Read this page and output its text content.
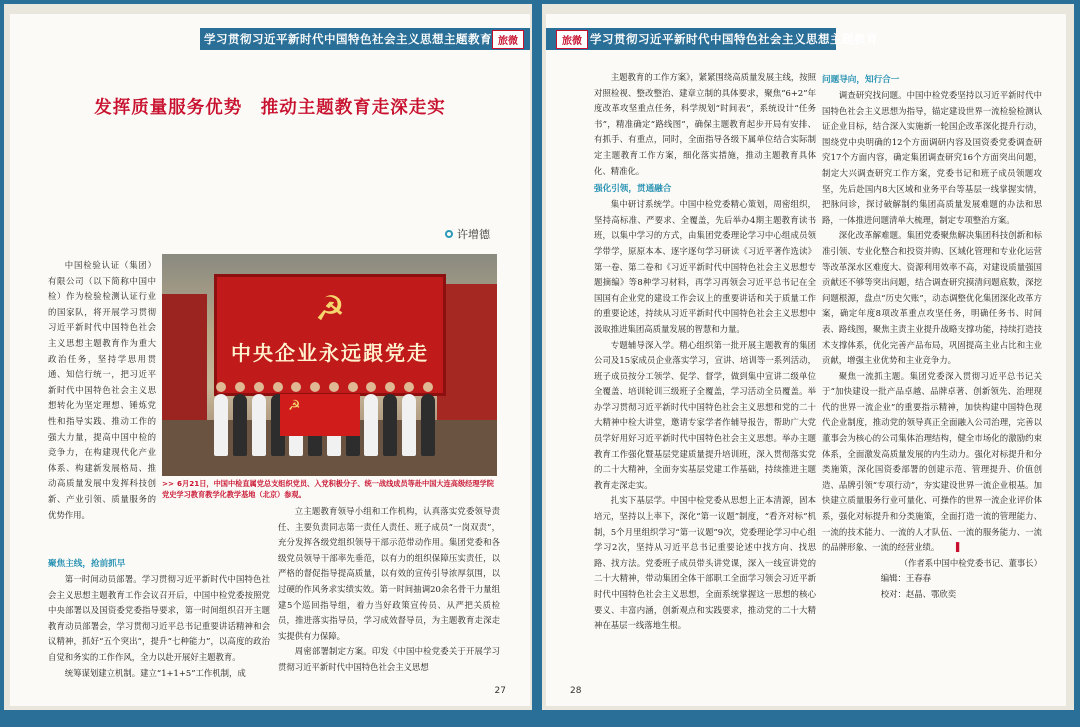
学习贯彻习近平新时代中国特色社会主义思想主题教育 旅微
发挥质量服务优势　推动主题教育走深走实
许增德

中国检验认证（集团）有限公司（以下简称中国中检）作为检验检测认证行业的国家队，将开展学习贯彻习近平新时代中国特色社会主义思想主题教育作为重大政治任务，坚持学思用贯通、知信行统一，把习近平新时代中国特色社会主义思想转化为坚定理想、锤炼党性和指导实践、推动工作的强大力量，提高中国中检的竞争力，在构建现代化产业体系、构建新发展格局、推动高质量发展中发挥科技创新、产业引领、质量服务的优势作用。

☭
中央企业永远跟党走
☭
>> 6月21日，中国中检直属党总支组织党员、入党积极分子、统一战线成员等赴中国大连高级经理学院党史学习教育教学化教学基地（北京）参观。
聚焦主线，抢前抓早

第一时间动员部署。学习贯彻习近平新时代中国特色社会主义思想主题教育工作会议召开后，中国中检党委按照党中央部署以及国资委党委指导要求，第一时间组织召开主题教育动员部署会，学习贯彻习近平总书记重要讲话精神和会议精神，抓好“五个突出”，提升“七种能力”，以高度的政治自觉和务实的工作作风，全力以赴开展好主题教育。

统筹谋划建立机制。建立“1+1+5”工作机制，成

立主题教育领导小组和工作机构，认真落实党委领导责任、主要负责同志第一责任人责任、班子成员“一岗双责”，充分发挥各级党组织领导干部示范带动作用。集团党委和各级党员领导干部率先垂范，以有力的组织保障压实责任，以严格的督促指导提高质量，以有效的宣传引导浓厚氛围，以过硬的作风务求实绩实效。第一时间抽调20余名骨干力量组建5个巡回指导组，着力当好政策宣传员、从严把关质检员，推进落实指导员，学习成效督导员，为主题教育走深走实提供有力保障。

周密部署制定方案。印发《中国中检党委关于开展学习贯彻习近平新时代中国特色社会主义思想

27
旅微 学习贯彻习近平新时代中国特色社会主义思想主题教育

主题教育的工作方案》，紧紧围绕高质量发展主线，按照对照检视、整改整治、建章立制的具体要求，聚焦“6+2”年度改革攻坚重点任务，科学规划“时间表”，系统设计“任务书”，精准确定“路线图”，确保主题教育起步开局有安排、有抓手、有重点，同时，全面指导各级下属单位结合实际制定主题教育工作方案，细化落实措施，推动主题教育具体化、精准化。

强化引领，贯通融合

集中研讨系统学。中国中检党委精心策划，周密组织，坚持高标准、严要求、全覆盖，先后举办4期主题教育读书班，以集中学习的方式，由集团党委理论学习中心组成员领学带学，原原本本、逐字逐句学习研读《习近平著作选读》第一卷、第二卷和《习近平新时代中国特色社会主义思想专题摘编》等8种学习材料，再学习再领会习近平总书记在全国国有企业党的建设工作会议上的重要讲话和关于质量工作的重要论述，持续从习近平新时代中国特色社会主义思想中汲取推进集团高质量发展的智慧和力量。

专题辅导深入学。精心组织第一批开展主题教育的集团公司及15家成员企业落实学习，宣讲、培训等一系列活动，班子成员按分工领学、促学、督学，做到集中宣讲二级单位全覆盖、培训轮训三级班子全覆盖，学习活动全员覆盖。举办学习贯彻习近平新时代中国特色社会主义思想和党的二十大精神中检大讲堂，邀请专家学者作辅导报告，帮助广大党员学好用好习近平新时代中国特色社会主义思想。举办主题教育工作强化暨基层党建质量提升培训班，深入贯彻落实党的二十大精神，全面夯实基层党建工作基础，持续推进主题教育走深走实。

扎实下基层学。中国中检党委从思想上正本清源，固本培元，坚持以上率下，深化“第一议题”制度，“看齐对标”机制，5个月里组织学习“第一议题”9次，党委理论学习中心组学习2次，坚持从习近平总书记重要论述中找方向、找思路、找方法。党委班子成员带头讲党课，深入一线宣讲党的二十大精神，带动集团全体干部职工全面学习领会习近平新时代中国特色社会主义思想，全面系统掌握这一思想的核心要义、丰富内涵，创新观点和实践要求，推动党的二十大精神在基层一线落地生根。

问题导向，知行合一

调查研究找问题。中国中检党委坚持以习近平新时代中国特色社会主义思想为指导，锚定建设世界一流检验检测认证企业目标，结合深入实施新一轮国企改革深化提升行动，围绕党中央明确的12个方面调研内容及国资委党委调查研究17个方面内容，确定集团调查研究16个方面突出问题，制定大兴调查研究工作方案，党委书记和班子成员领题攻坚，先后赴国内8大区域和业务平台等基层一线掌握实情，把脉问诊，探讨破解制约集团高质量发展难题的办法和思路，一体推进问题清单大梳理，制定专项整治方案。

深化改革解难题。集团党委聚焦解决集团科技创新和标准引领、专业化整合和投资并购、区域化管理和专业化运营等改革深水区难度大、资源利用效率不高，对建设质量强国贡献还不够等突出问题，结合调查研究摸清问题底数，深挖问题根源，盘点“历史欠账”，动态调整优化集团深化改革方案，确定年度8项改革重点攻坚任务，明确任务书、时间表、路线图，聚焦主责主业提升战略支撑功能，持续打造技术支撑体系，优化完善产品布局，巩固提高主业占比和主业贡献，增强主业优势和主业竞争力。

聚焦一流抓主题。集团党委深入贯彻习近平总书记关于“加快建设一批产品卓越、品牌卓著、创新领先、治理现代的世界一流企业”的重要指示精神，加快构建中国特色现代企业制度，推动党的领导真正全面融入公司治理，完善以董事会为核心的公司集体治理结构，健全市场化的激励约束体系，全面激发高质量发展的内生动力。强化对标提升和分类施策，深化国资委部署的创建示范、管理提升、价值创造、品牌引领“专项行动”，夯实建设世界一流企业根基。加快建立质量服务行业可量化、可操作的世界一流企业评价体系，强化对标提升和分类施策，全面打造一流的管理能力、一流的技术能力、一流的人才队伍、一流的服务能力、一流的品牌形象、一流的经营业绩。 ▌

（作者系中国中检党委书记、董事长）
编辑：王春春
校对：赵晶、鄂欣奕
28
